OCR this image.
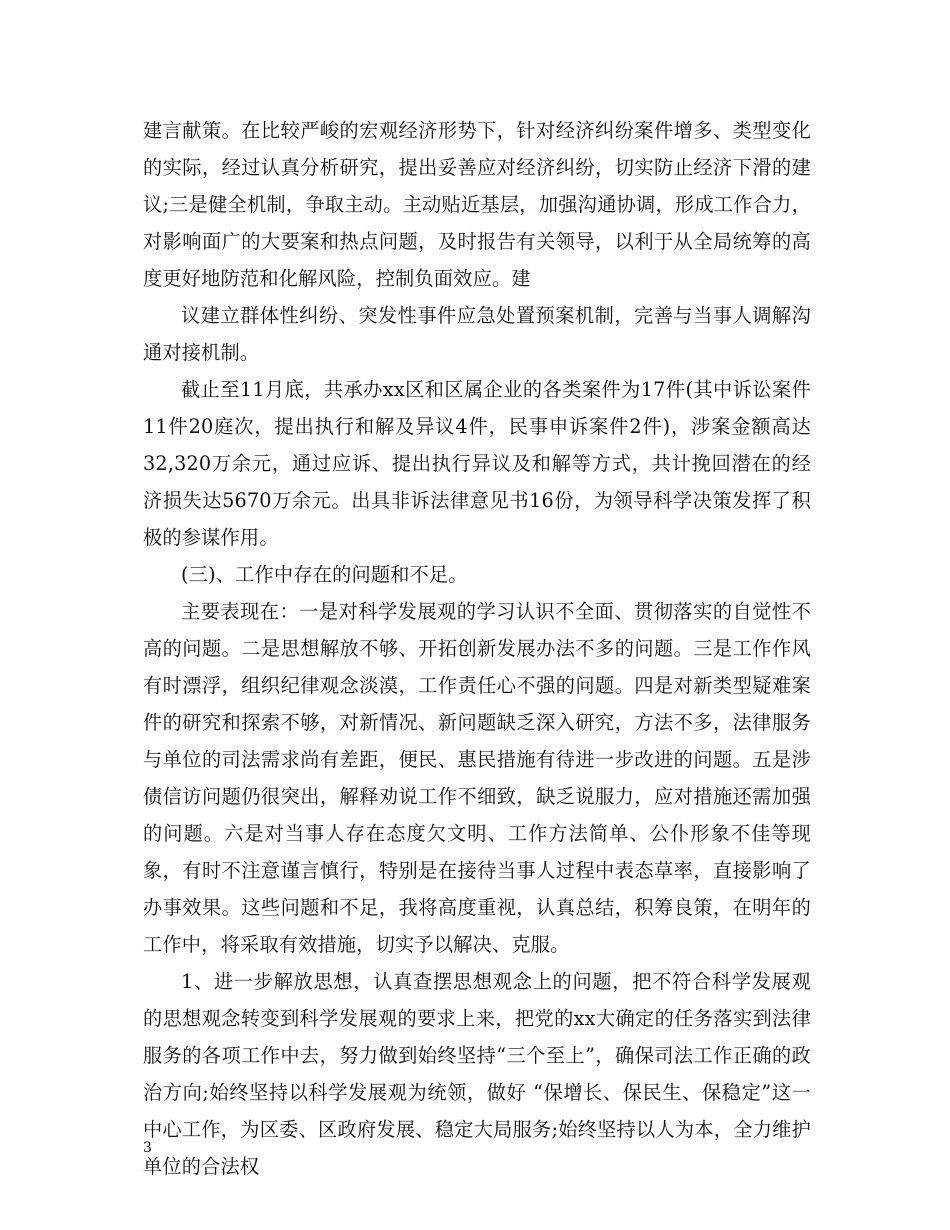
建言献策。在比较严峻的宏观经济形势下，针对经济纠纷案件增多、类型变化的实际，经过认真分析研究，提出妥善应对经济纠纷，切实防止经济下滑的建议;三是健全机制，争取主动。主动贴近基层，加强沟通协调，形成工作合力，对影响面广的大要案和热点问题，及时报告有关领导，以利于从全局统筹的高度更好地防范和化解风险，控制负面效应。建

议建立群体性纠纷、突发性事件应急处置预案机制，完善与当事人调解沟通对接机制。

截止至11月底，共承办xx区和区属企业的各类案件为17件(其中诉讼案件11件20庭次，提出执行和解及异议4件，民事申诉案件2件)，涉案金额高达32,320万余元，通过应诉、提出执行异议及和解等方式，共计挽回潜在的经济损失达5670万余元。出具非诉法律意见书16份，为领导科学决策发挥了积极的参谋作用。

(三)、工作中存在的问题和不足。

主要表现在：一是对科学发展观的学习认识不全面、贯彻落实的自觉性不高的问题。二是思想解放不够、开拓创新发展办法不多的问题。三是工作作风有时漂浮，组织纪律观念淡漠，工作责任心不强的问题。四是对新类型疑难案件的研究和探索不够，对新情况、新问题缺乏深入研究，方法不多，法律服务与单位的司法需求尚有差距，便民、惠民措施有待进一步改进的问题。五是涉债信访问题仍很突出，解释劝说工作不细致，缺乏说服力，应对措施还需加强的问题。六是对当事人存在态度欠文明、工作方法简单、公仆形象不佳等现象，有时不注意谨言慎行，特别是在接待当事人过程中表态草率，直接影响了办事效果。这些问题和不足，我将高度重视，认真总结，积筹良策，在明年的工作中，将采取有效措施，切实予以解决、克服。

1、进一步解放思想，认真查摆思想观念上的问题，把不符合科学发展观的思想观念转变到科学发展观的要求上来，把党的xx大确定的任务落实到法律服务的各项工作中去，努力做到始终坚持“三个至上”，确保司法工作正确的政治方向;始终坚持以科学发展观为统领，做好 “保增长、保民生、保稳定”这一中心工作，为区委、区政府发展、稳定大局服务;始终坚持以人为本，全力维护单位的合法权

3
